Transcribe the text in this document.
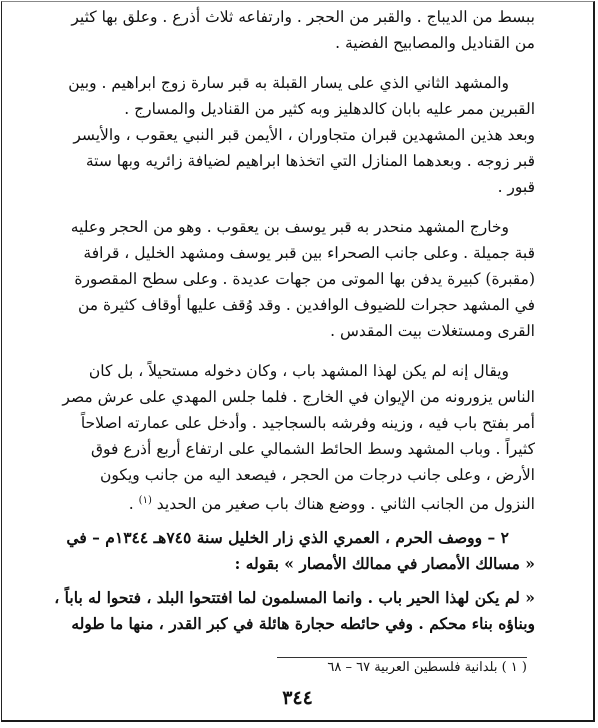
ببسط من الديباج . والقبر من الحجر . وارتفاعه ثلاث أذرع . وعلق بها كثير

من القناديل والمصابيح الفضية .

والمشهد الثاني الذي على يسار القبلة به قبر سارة زوج ابراهيم . وبين

القبرين ممر عليه بابان كالدهليز وبه كثير من القناديل والمسارج .

وبعد هذين المشهدين قبران متجاوران ، الأيمن قبر النبي يعقوب ، والأيسر

قبر زوجه . وبعدهما المنازل التي اتخذها ابراهيم لضيافة زائريه وبها ستة

قبور .

وخارج المشهد منحدر به قبر يوسف بن يعقوب . وهو من الحجر وعليه

قبة جميلة . وعلى جانب الصحراء بين قبر يوسف ومشهد الخليل ، قرافة

(مقبرة) كبيرة يدفن بها الموتى من جهات عديدة . وعلى سطح المقصورة

في المشهد حجرات للضيوف الوافدين . وقد وُقف عليها أوقاف كثيرة من

القرى ومستغلات بيت المقدس .

ويقال إنه لم يكن لهذا المشهد باب ، وكان دخوله مستحيلاً ، بل كان

الناس يزورونه من الإيوان في الخارج . فلما جلس المهدي على عرش مصر

أمر بفتح باب فيه ، وزينه وفرشه بالسجاجيد . وأدخل على عمارته اصلاحاً

كثيراً . وباب المشهد وسط الحائط الشمالي على ارتفاع أربع أذرع فوق

الأرض ، وعلى جانب درجات من الحجر ، فيصعد اليه من جانب ويكون

النزول من الجانب الثاني . ووضع هناك باب صغير من الحديد $^{(١)}$ .

٢ – ووصف الحرم ، العمري الذي زار الخليل سنة ٧٤٥هـ ١٣٤٤م – في

« مسالك الأمصار في ممالك الأمصار » بقوله :

« لم يكن لهذا الحير باب . وانما المسلمون لما افتتحوا البلد ، فتحوا له باباً ،

وبناؤه بناء محكم . وفي حائطه حجارة هائلة في كبر القدر ، منها ما طوله

( ١ ) بلدانية فلسطين العربية ٦٧ – ٦٨
٣٤٤
